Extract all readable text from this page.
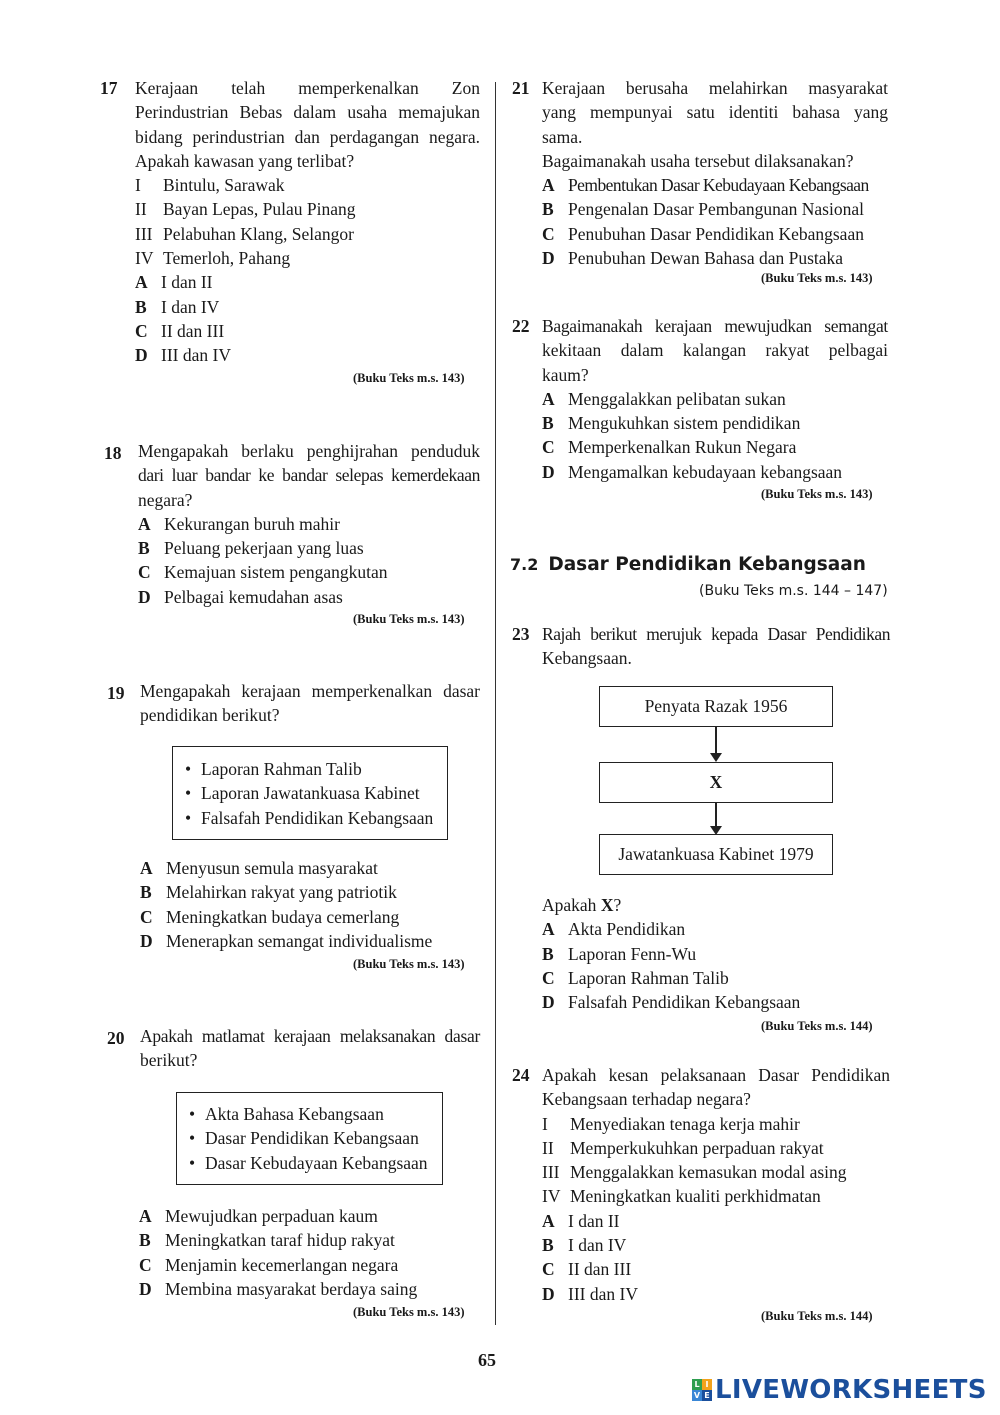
17 Kerajaan telah memperkenalkan Zon

Perindustrian Bebas dalam usaha memajukan

bidang perindustrian dan perdagangan negara.

Apakah kawasan yang terlibat?

I	Bintulu, Sarawak
II Bayan Lepas, Pulau Pinang
III Pelabuhan Klang, Selangor
IV Temerloh, Pahang
A I dan II
B I dan IV
C II dan III
D III dan IV
(Buku Teks m.s. 143)
18 Mengapakah berlaku penghijrahan penduduk

dari luar bandar ke bandar selepas kemerdekaan

negara?

A Kekurangan buruh mahir
B Peluang pekerjaan yang luas
C Kemajuan sistem pengangkutan
D Pelbagai kemudahan asas
(Buku Teks m.s. 143)
19 Mengapakah kerajaan memperkenalkan dasar

pendidikan berikut?

• Laporan Rahman Talib
• Laporan Jawatankuasa Kabinet
• Falsafah Pendidikan Kebangsaan
A Menyusun semula masyarakat
B Melahirkan rakyat yang patriotik
C Meningkatkan budaya cemerlang
D Menerapkan semangat individualisme
(Buku Teks m.s. 143)
20 Apakah matlamat kerajaan melaksanakan dasar

berikut?

• Akta Bahasa Kebangsaan
• Dasar Pendidikan Kebangsaan
• Dasar Kebudayaan Kebangsaan
A Mewujudkan perpaduan kaum
B Meningkatkan taraf hidup rakyat
C Menjamin kecemerlangan negara
D Membina masyarakat berdaya saing
(Buku Teks m.s. 143)
21 Kerajaan berusaha melahirkan masyarakat

yang mempunyai satu identiti bahasa yang

sama.

Bagaimanakah usaha tersebut dilaksanakan?

A Pembentukan Dasar Kebudayaan Kebangsaan
B Pengenalan Dasar Pembangunan Nasional
C Penubuhan Dasar Pendidikan Kebangsaan
D Penubuhan Dewan Bahasa dan Pustaka
(Buku Teks m.s. 143)
22 Bagaimanakah kerajaan mewujudkan semangat

kekitaan dalam kalangan rakyat pelbagai

kaum?

A Menggalakkan pelibatan sukan
B Mengukuhkan sistem pendidikan
C Memperkenalkan Rukun Negara
D Mengamalkan kebudayaan kebangsaan
(Buku Teks m.s. 143)
7.2 Dasar Pendidikan Kebangsaan
(Buku Teks m.s. 144 – 147)
23 Rajah berikut merujuk kepada Dasar Pendidikan

Kebangsaan.

Penyata Razak 1956
X
Jawatankuasa Kabinet 1979
Apakah X ?
A Akta Pendidikan
B Laporan Fenn-Wu
C Laporan Rahman Talib
D Falsafah Pendidikan Kebangsaan
(Buku Teks m.s. 144)
24 Apakah kesan pelaksanaan Dasar Pendidikan

Kebangsaan terhadap negara?

I	Menyediakan tenaga kerja mahir
II Memperkukuhkan perpaduan rakyat
III Menggalakkan kemasukan modal asing
IV Meningkatkan kualiti perkhidmatan
A I dan II
B I dan IV
C II dan III
D III dan IV
(Buku Teks m.s. 144)
65
L I
V E LIVEWORKSHEETS
